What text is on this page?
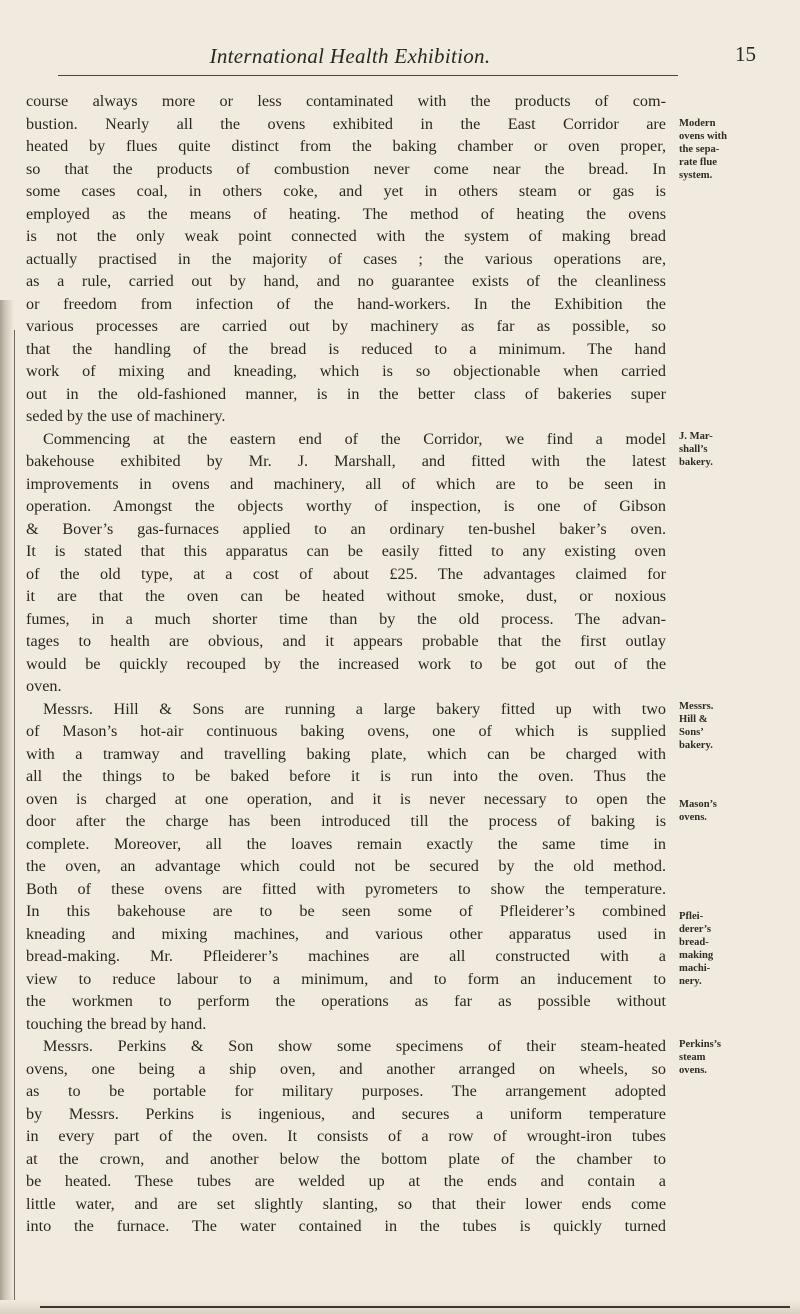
International Health Exhibition.	15
course always more or less contaminated with the products of com-
bustion. Nearly all the ovens exhibited in the East Corridor are
heated by flues quite distinct from the baking chamber or oven proper,
so that the products of combustion never come near the bread. In
some cases coal, in others coke, and yet in others steam or gas is
employed as the means of heating. The method of heating the ovens
is not the only weak point connected with the system of making bread
actually practised in the majority of cases ; the various operations are,
as a rule, carried out by hand, and no guarantee exists of the cleanliness
or freedom from infection of the hand-workers. In the Exhibition the
various processes are carried out by machinery as far as possible, so
that the handling of the bread is reduced to a minimum. The hand
work of mixing and kneading, which is so objectionable when carried
out in the old-fashioned manner, is in the better class of bakeries super
seded by the use of machinery.
Commencing at the eastern end of the Corridor, we find a model
bakehouse exhibited by Mr. J. Marshall, and fitted with the latest
improvements in ovens and machinery, all of which are to be seen in
operation. Amongst the objects worthy of inspection, is one of Gibson
& Bover’s gas-furnaces applied to an ordinary ten-bushel baker’s oven.
It is stated that this apparatus can be easily fitted to any existing oven
of the old type, at a cost of about £25. The advantages claimed for
it are that the oven can be heated without smoke, dust, or noxious
fumes, in a much shorter time than by the old process. The advan-
tages to health are obvious, and it appears probable that the first outlay
would be quickly recouped by the increased work to be got out of the
oven.
Messrs. Hill & Sons are running a large bakery fitted up with two
of Mason’s hot-air continuous baking ovens, one of which is supplied
with a tramway and travelling baking plate, which can be charged with
all the things to be baked before it is run into the oven. Thus the
oven is charged at one operation, and it is never necessary to open the
door after the charge has been introduced till the process of baking is
complete. Moreover, all the loaves remain exactly the same time in
the oven, an advantage which could not be secured by the old method.
Both of these ovens are fitted with pyrometers to show the temperature.
In this bakehouse are to be seen some of Pfleiderer’s combined
kneading and mixing machines, and various other apparatus used in
bread-making. Mr. Pfleiderer’s machines are all constructed with a
view to reduce labour to a minimum, and to form an inducement to
the workmen to perform the operations as far as possible without
touching the bread by hand.
Messrs. Perkins & Son show some specimens of their steam-heated
ovens, one being a ship oven, and another arranged on wheels, so
as to be portable for military purposes. The arrangement adopted
by Messrs. Perkins is ingenious, and secures a uniform temperature
in every part of the oven. It consists of a row of wrought-iron tubes
at the crown, and another below the bottom plate of the chamber to
be heated. These tubes are welded up at the ends and contain a
little water, and are set slightly slanting, so that their lower ends come
into the furnace. The water contained in the tubes is quickly turned
Modern
ovens with
the sepa-
rate flue
system.
J. Mar-
shall’s
bakery.
Messrs.
Hill &
Sons’
bakery.
Mason’s
ovens.
Pflei-
derer’s
bread-
making
machi-
nery.
Perkins’s
steam
ovens.
